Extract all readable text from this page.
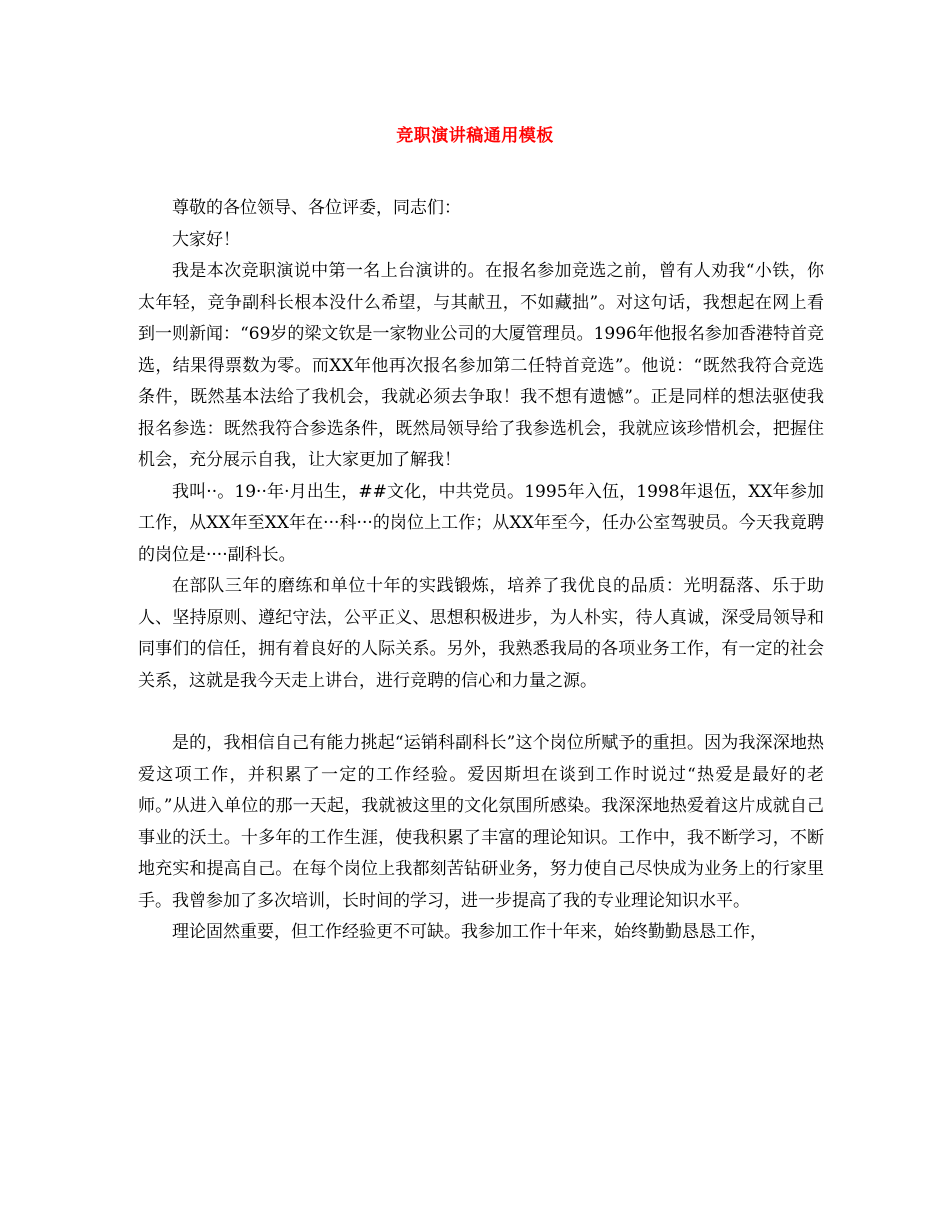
竞职演讲稿通用模板

尊敬的各位领导、各位评委，同志们：

大家好！

我是本次竞职演说中第一名上台演讲的。在报名参加竞选之前，曾有人劝我“小铁，你太年轻，竞争副科长根本没什么希望，与其献丑，不如藏拙”。对这句话，我想起在网上看到一则新闻：“69岁的梁文钦是一家物业公司的大厦管理员。1996年他报名参加香港特首竞选，结果得票数为零。而XX年他再次报名参加第二任特首竞选”。他说：“既然我符合竞选条件，既然基本法给了我机会，我就必须去争取！我不想有遗憾”。正是同样的想法驱使我报名参选：既然我符合参选条件，既然局领导给了我参选机会，我就应该珍惜机会，把握住机会，充分展示自我，让大家更加了解我！

我叫··。19··年·月出生，##文化，中共党员。1995年入伍，1998年退伍，XX年参加工作，从XX年至XX年在···科···的岗位上工作；从XX年至今，任办公室驾驶员。今天我竟聘的岗位是····副科长。

在部队三年的磨练和单位十年的实践锻炼，培养了我优良的品质：光明磊落、乐于助人、坚持原则、遵纪守法，公平正义、思想积极进步，为人朴实，待人真诚，深受局领导和同事们的信任，拥有着良好的人际关系。另外，我熟悉我局的各项业务工作，有一定的社会关系，这就是我今天走上讲台，进行竞聘的信心和力量之源。

是的，我相信自己有能力挑起“运销科副科长”这个岗位所赋予的重担。因为我深深地热爱这项工作，并积累了一定的工作经验。爱因斯坦在谈到工作时说过“热爱是最好的老师。”从进入单位的那一天起，我就被这里的文化氛围所感染。我深深地热爱着这片成就自己事业的沃土。十多年的工作生涯，使我积累了丰富的理论知识。工作中，我不断学习，不断地充实和提高自己。在每个岗位上我都刻苦钻研业务，努力使自己尽快成为业务上的行家里手。我曾参加了多次培训，长时间的学习，进一步提高了我的专业理论知识水平。

理论固然重要，但工作经验更不可缺。我参加工作十年来，始终勤勤恳恳工作，
